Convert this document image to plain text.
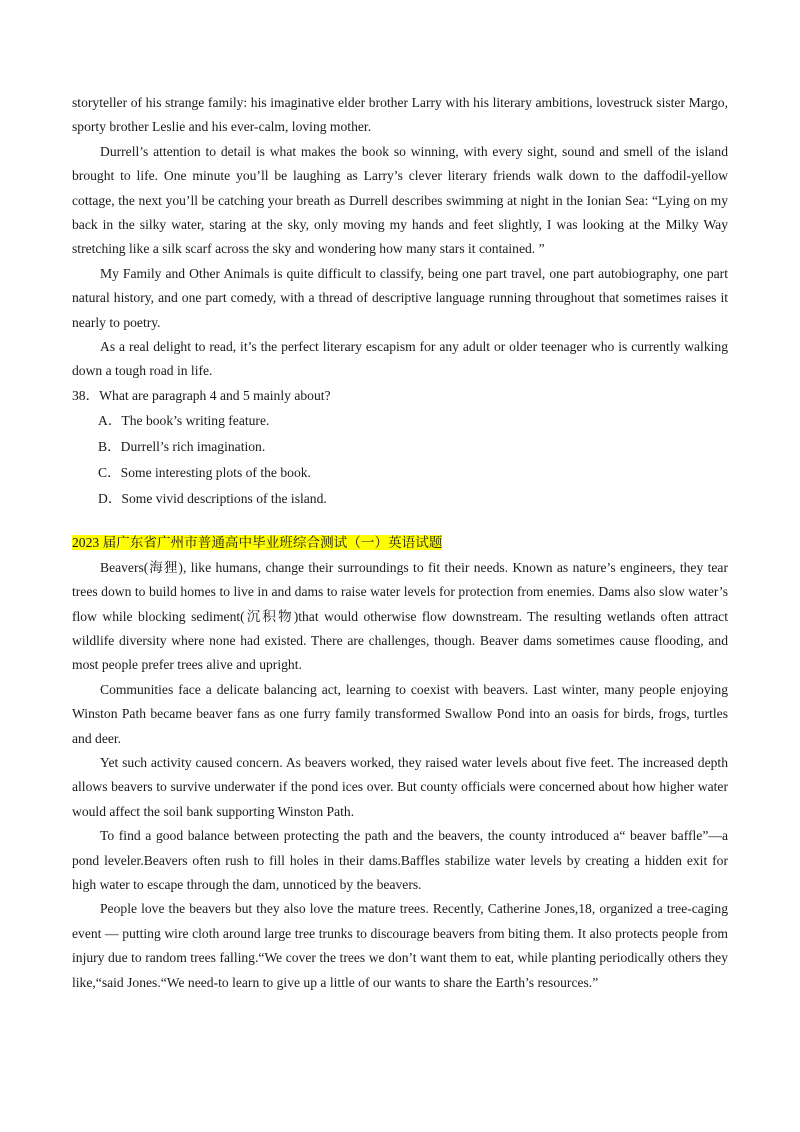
storyteller of his strange family: his imaginative elder brother Larry with his literary ambitions, lovestruck sister Margo, sporty brother Leslie and his ever-calm, loving mother.

Durrell’s attention to detail is what makes the book so winning, with every sight, sound and smell of the island brought to life. One minute you’ll be laughing as Larry’s clever literary friends walk down to the daffodil-yellow cottage, the next you’ll be catching your breath as Durrell describes swimming at night in the Ionian Sea: “Lying on my back in the silky water, staring at the sky, only moving my hands and feet slightly, I was looking at the Milky Way stretching like a silk scarf across the sky and wondering how many stars it contained. ”

My Family and Other Animals is quite difficult to classify, being one part travel, one part autobiography, one part natural history, and one part comedy, with a thread of descriptive language running throughout that sometimes raises it nearly to poetry.

As a real delight to read, it’s the perfect literary escapism for any adult or older teenager who is currently walking down a tough road in life.

38．What are paragraph 4 and 5 mainly about?

A．The book’s writing feature.

B．Durrell’s rich imagination.

C．Some interesting plots of the book.

D．Some vivid descriptions of the island.

2023 届广东省广州市普通高中毕业班综合测试（一）英语试题

Beavers(海狸), like humans, change their surroundings to fit their needs. Known as nature’s engineers, they tear trees down to build homes to live in and dams to raise water levels for protection from enemies. Dams also slow water’s flow while blocking sediment(沉积物)that would otherwise flow downstream. The resulting wetlands often attract wildlife diversity where none had existed. There are challenges, though. Beaver dams sometimes cause flooding, and most people prefer trees alive and upright.

Communities face a delicate balancing act, learning to coexist with beavers. Last winter, many people enjoying Winston Path became beaver fans as one furry family transformed Swallow Pond into an oasis for birds, frogs, turtles and deer.

Yet such activity caused concern. As beavers worked, they raised water levels about five feet. The increased depth allows beavers to survive underwater if the pond ices over. But county officials were concerned about how higher water would affect the soil bank supporting Winston Path.

To find a good balance between protecting the path and the beavers, the county introduced a“ beaver baffle”—a pond leveler.Beavers often rush to fill holes in their dams.Baffles stabilize water levels by creating a hidden exit for high water to escape through the dam, unnoticed by the beavers.

People love the beavers but they also love the mature trees. Recently, Catherine Jones,18, organized a tree-caging event — putting wire cloth around large tree trunks to discourage beavers from biting them. It also protects people from injury due to random trees falling.“We cover the trees we don’t want them to eat, while planting periodically others they like,“said Jones.“We need-to learn to give up a little of our wants to share the Earth’s resources.”
